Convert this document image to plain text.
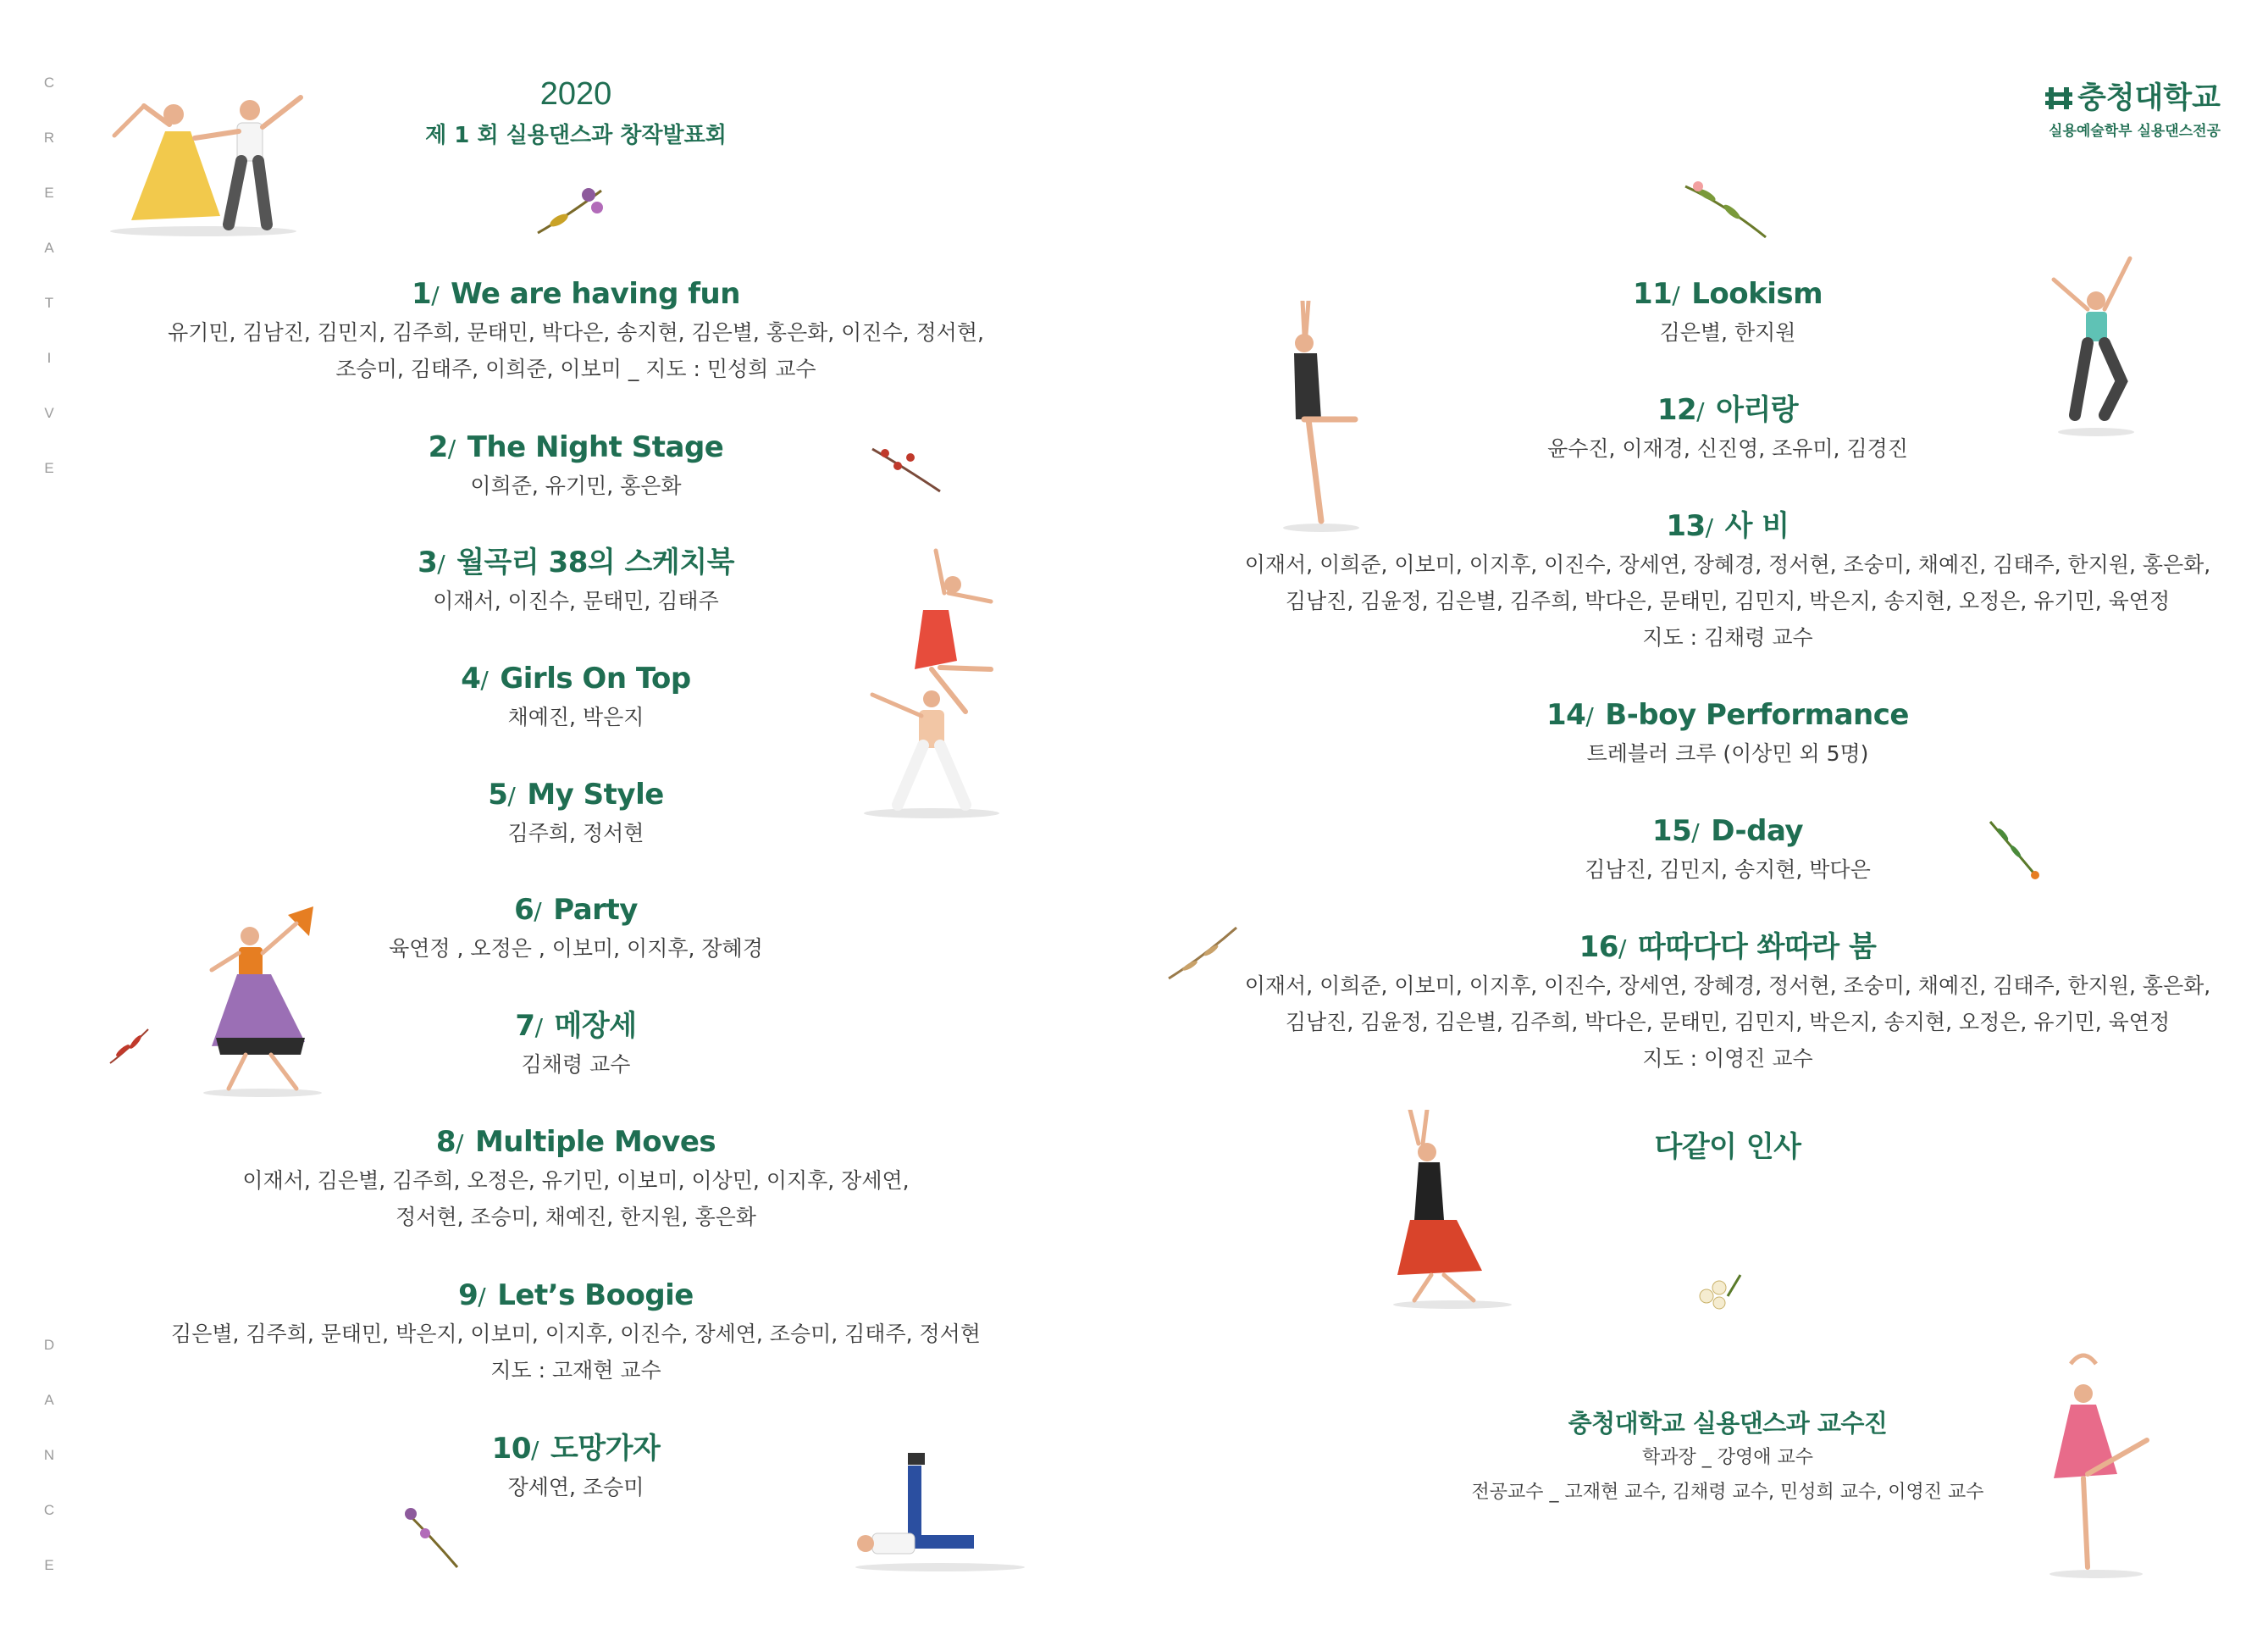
C
R
E
A
T
I
V
E
D
A
N
C
E
충청대학교
실용예술학부 실용댄스전공
2020
제 1 회 실용댄스과 창작발표회

1/ We are having fun

유기민, 김남진, 김민지, 김주희, 문태민, 박다은, 송지현, 김은별, 홍은화, 이진수, 정서현,

조승미, 김태주, 이희준, 이보미 _ 지도 : 민성희 교수

2/ The Night Stage

이희준, 유기민, 홍은화

3/ 월곡리 38의 스케치북

이재서, 이진수, 문태민, 김태주

4/ Girls On Top

채예진, 박은지

5/ My Style

김주희, 정서현

6/ Party

육연정 , 오정은 , 이보미, 이지후, 장혜경

7/ 메장세

김채령 교수

8/ Multiple Moves

이재서, 김은별, 김주희, 오정은, 유기민, 이보미, 이상민, 이지후, 장세연,

정서현, 조승미, 채예진, 한지원, 홍은화

9/ Let’s Boogie

김은별, 김주희, 문태민, 박은지, 이보미, 이지후, 이진수, 장세연, 조승미, 김태주, 정서현

지도 : 고재현 교수

10/ 도망가자

장세연, 조승미

11/ Lookism

김은별, 한지원

12/ 아리랑

윤수진, 이재경, 신진영, 조유미, 김경진

13/ 사 비

이재서, 이희준, 이보미, 이지후, 이진수, 장세연, 장혜경, 정서현, 조숭미, 채예진, 김태주, 한지원, 홍은화,

김남진, 김윤정, 김은별, 김주희, 박다은, 문태민, 김민지, 박은지, 송지현, 오정은, 유기민, 육연정

지도 : 김채령 교수

14/ B-boy Performance

트레블러 크루 (이상민 외 5명)

15/ D-day

김남진, 김민지, 송지현, 박다은

16/ 따따다다 쏴따라 붐

이재서, 이희준, 이보미, 이지후, 이진수, 장세연, 장혜경, 정서현, 조숭미, 채예진, 김태주, 한지원, 홍은화,

김남진, 김윤정, 김은별, 김주희, 박다은, 문태민, 김민지, 박은지, 송지현, 오정은, 유기민, 육연정

지도 : 이영진 교수

다같이 인사

충청대학교 실용댄스과 교수진

학과장 _ 강영애 교수

전공교수 _ 고재현 교수, 김채령 교수, 민성희 교수, 이영진 교수
